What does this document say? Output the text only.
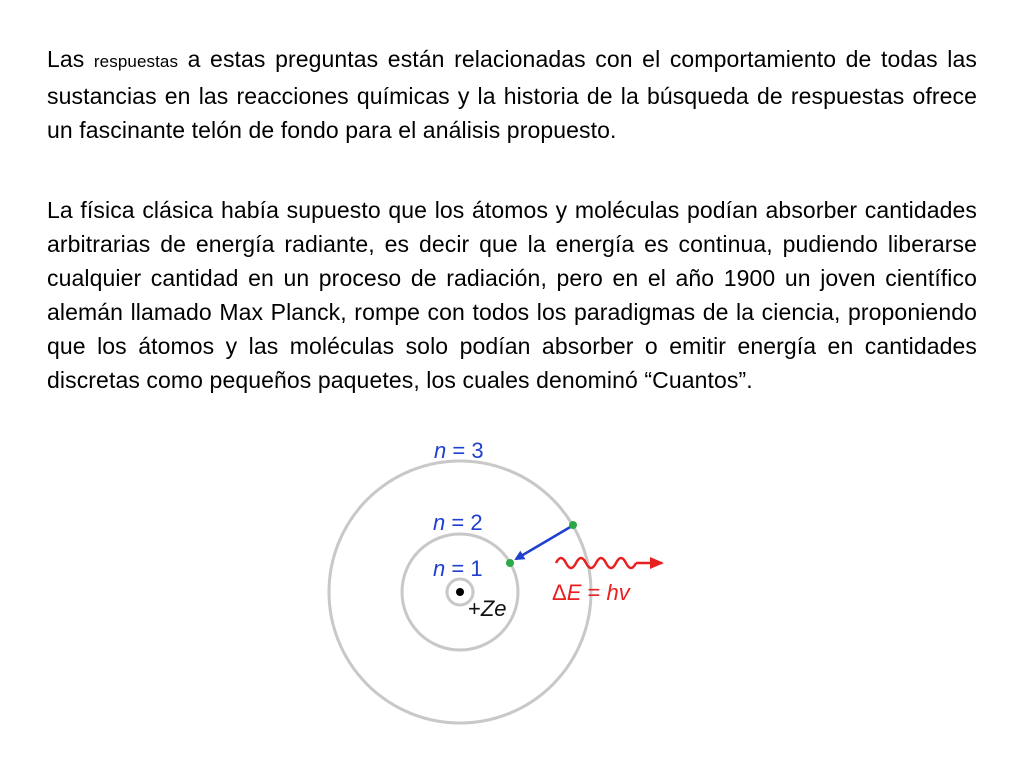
Las respuestas a estas preguntas están relacionadas con el comportamiento de todas las sustancias en las reacciones químicas y la historia de la búsqueda de respuestas ofrece un fascinante telón de fondo para el análisis propuesto.

La física clásica había supuesto que los átomos y moléculas podían absorber cantidades arbitrarias de energía radiante, es decir que la energía es continua, pudiendo liberarse cualquier cantidad en un proceso de radiación, pero en el año 1900 un joven científico alemán llamado Max Planck, rompe con todos los paradigmas de la ciencia, proponiendo que los átomos y las moléculas solo podían absorber o emitir energía en cantidades discretas como pequeños paquetes, los cuales denominó “Cuantos”.

n = 3
n = 2
n = 1
+Ze
ΔE = hv
